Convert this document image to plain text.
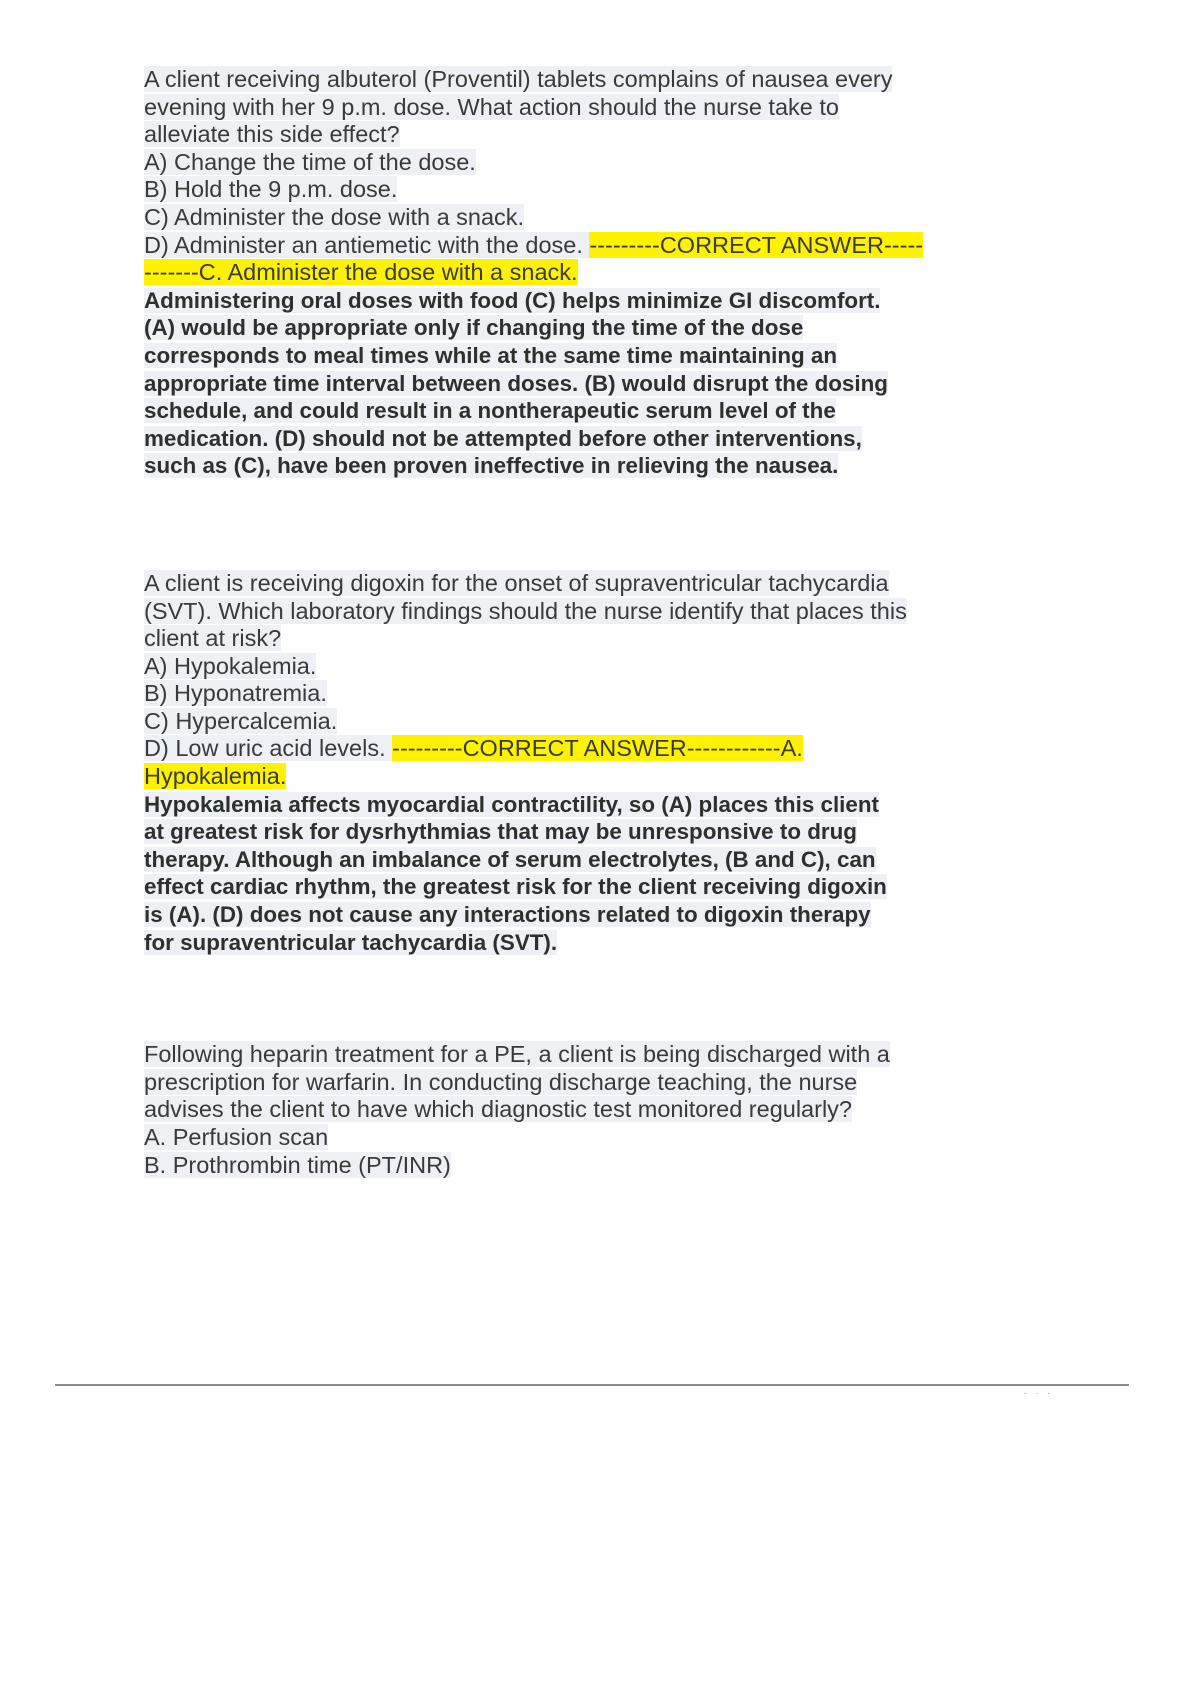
A client receiving albuterol (Proventil) tablets complains of nausea every
evening with her 9 p.m. dose. What action should the nurse take to
alleviate this side effect?
A) Change the time of the dose.
B) Hold the 9 p.m. dose.
C) Administer the dose with a snack.
D) Administer an antiemetic with the dose. ---------CORRECT ANSWER-----
-------C. Administer the dose with a snack.
Administering oral doses with food (C) helps minimize GI discomfort.
(A) would be appropriate only if changing the time of the dose
corresponds to meal times while at the same time maintaining an
appropriate time interval between doses. (B) would disrupt the dosing
schedule, and could result in a nontherapeutic serum level of the
medication. (D) should not be attempted before other interventions,
such as (C), have been proven ineffective in relieving the nausea.
A client is receiving digoxin for the onset of supraventricular tachycardia
(SVT). Which laboratory findings should the nurse identify that places this
client at risk?
A) Hypokalemia.
B) Hyponatremia.
C) Hypercalcemia.
D) Low uric acid levels. ---------CORRECT ANSWER------------A.
Hypokalemia.
Hypokalemia affects myocardial contractility, so (A) places this client
at greatest risk for dysrhythmias that may be unresponsive to drug
therapy. Although an imbalance of serum electrolytes, (B and C), can
effect cardiac rhythm, the greatest risk for the client receiving digoxin
is (A). (D) does not cause any interactions related to digoxin therapy
for supraventricular tachycardia (SVT).
Following heparin treatment for a PE, a client is being discharged with a
prescription for warfarin. In conducting discharge teaching, the nurse
advises the client to have which diagnostic test monitored regularly?
A. Perfusion scan
B. Prothrombin time (PT/INR)
- · ·
